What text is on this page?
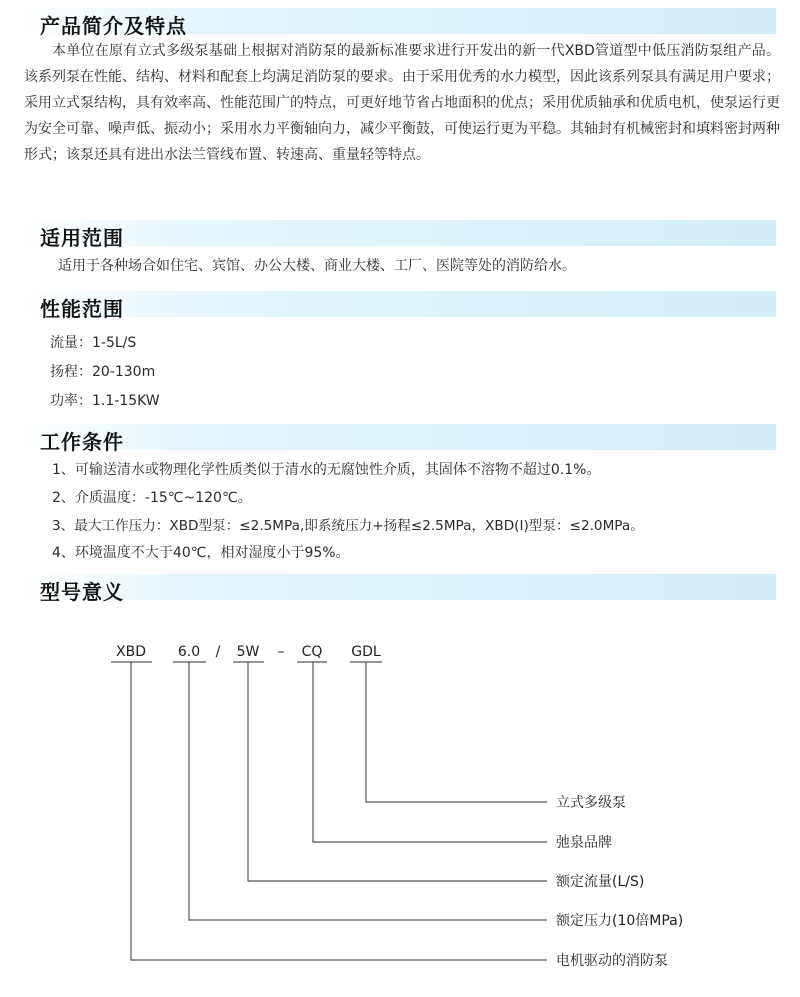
产品简介及特点

本单位在原有立式多级泵基础上根据对消防泵的最新标准要求进行开发出的新一代XBD管道型中低压消防泵组产品。该系列泵在性能、结构、材料和配套上均满足消防泵的要求。由于采用优秀的水力模型，因此该系列泵具有满足用户要求；采用立式泵结构，具有效率高、性能范围广的特点，可更好地节省占地面积的优点；采用优质轴承和优质电机，使泵运行更为安全可靠、噪声低、振动小；采用水力平衡轴向力，减少平衡鼓，可使运行更为平稳。其轴封有机械密封和填料密封两种形式；该泵还具有进出水法兰管线布置、转速高、重量轻等特点。

适用范围
适用于各种场合如住宅、宾馆、办公大楼、商业大楼、工厂、医院等处的消防给水。
性能范围
流量：1-5L/S
扬程：20-130m
功率：1.1-15KW
工作条件
1、可输送清水或物理化学性质类似于清水的无腐蚀性介质，其固体不溶物不超过0.1%。
2、介质温度：-15℃~120℃。
3、最大工作压力：XBD型泵：≤2.5MPa,即系统压力+扬程≤2.5MPa，XBD(Ⅰ)型泵：≤2.0MPa。
4、环境温度不大于40℃，相对湿度小于95%。
型号意义
XBD 6.0 / 5W – CQ GDL
立式多级泵
弛泉品牌
额定流量(L/S)
额定压力(10倍MPa)
电机驱动的消防泵
